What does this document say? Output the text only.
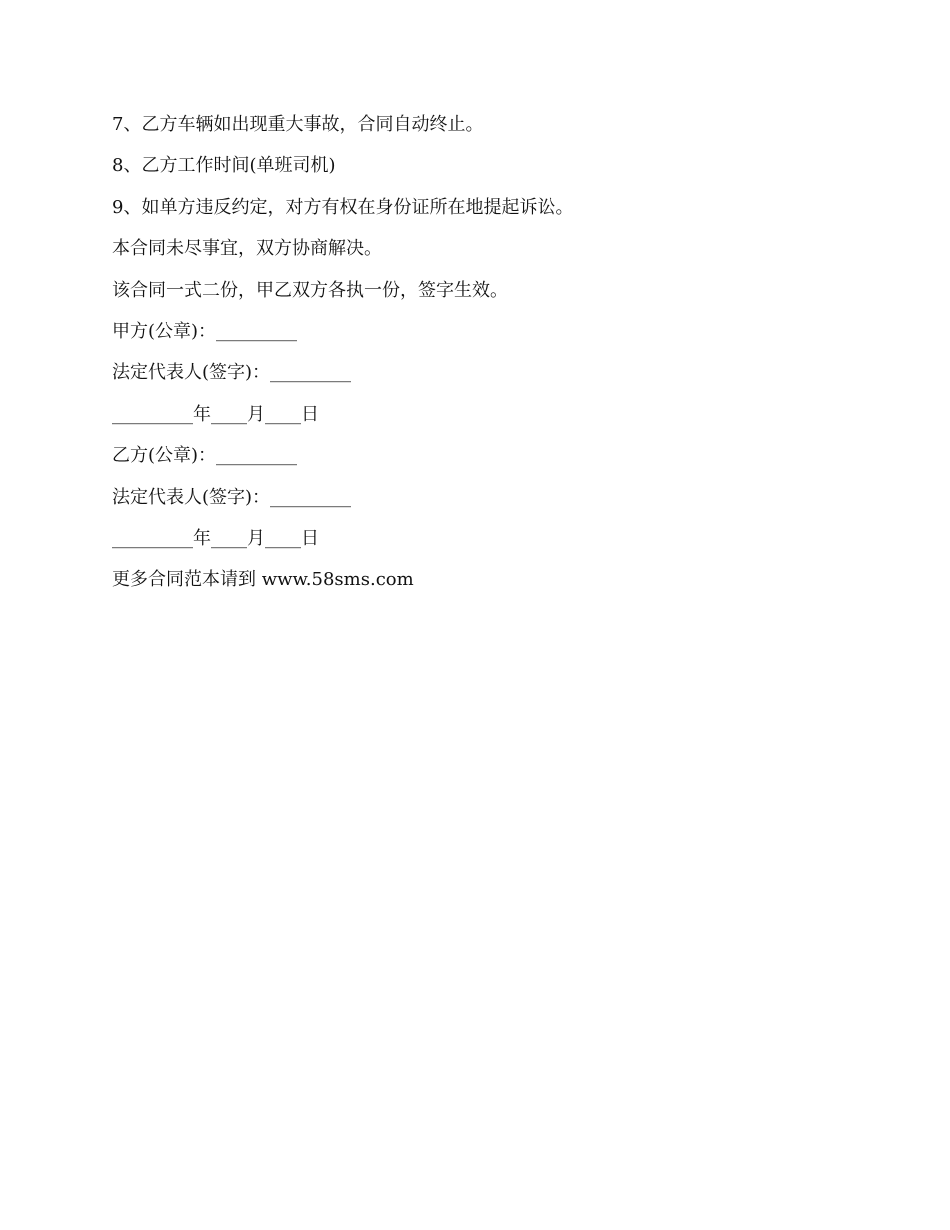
7、乙方车辆如出现重大事故，合同自动终止。

8、乙方工作时间(单班司机)

9、如单方违反约定，对方有权在身份证所在地提起诉讼。

本合同未尽事宜，双方协商解决。

该合同一式二份，甲乙双方各执一份，签字生效。

甲方(公章)：_________

法定代表人(签字)：_________

_________年____月____日

乙方(公章)：_________

法定代表人(签字)：_________

_________年____月____日

更多合同范本请到 www.58sms.com
